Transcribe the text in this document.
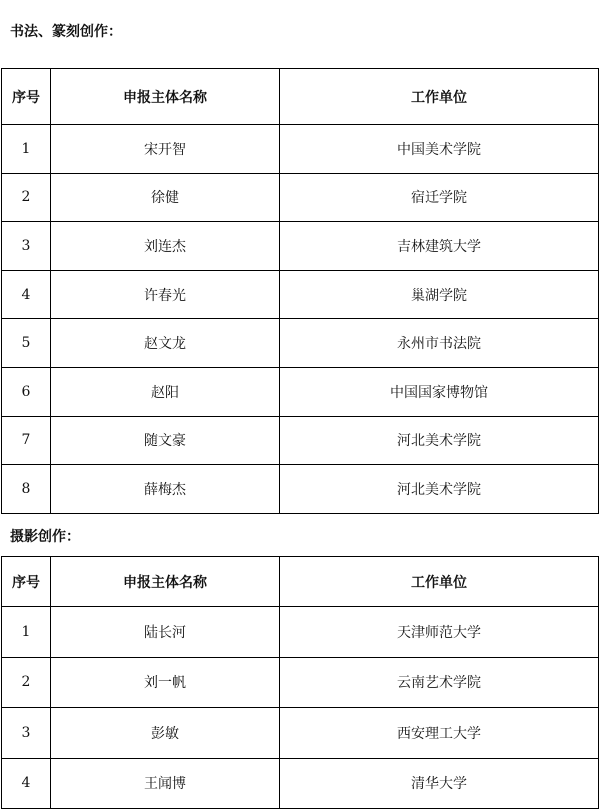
书法、篆刻创作：
序号	申报主体名称	工作单位
1	宋开智	中国美术学院
2	徐健	宿迁学院
3	刘连杰	吉林建筑大学
4	许春光	巢湖学院
5	赵文龙	永州市书法院
6	赵阳	中国国家博物馆
7	随文豪	河北美术学院
8	薛梅杰	河北美术学院
摄影创作：
序号	申报主体名称	工作单位
1	陆长河	天津师范大学
2	刘一帆	云南艺术学院
3	彭敏	西安理工大学
4	王闻博	清华大学
